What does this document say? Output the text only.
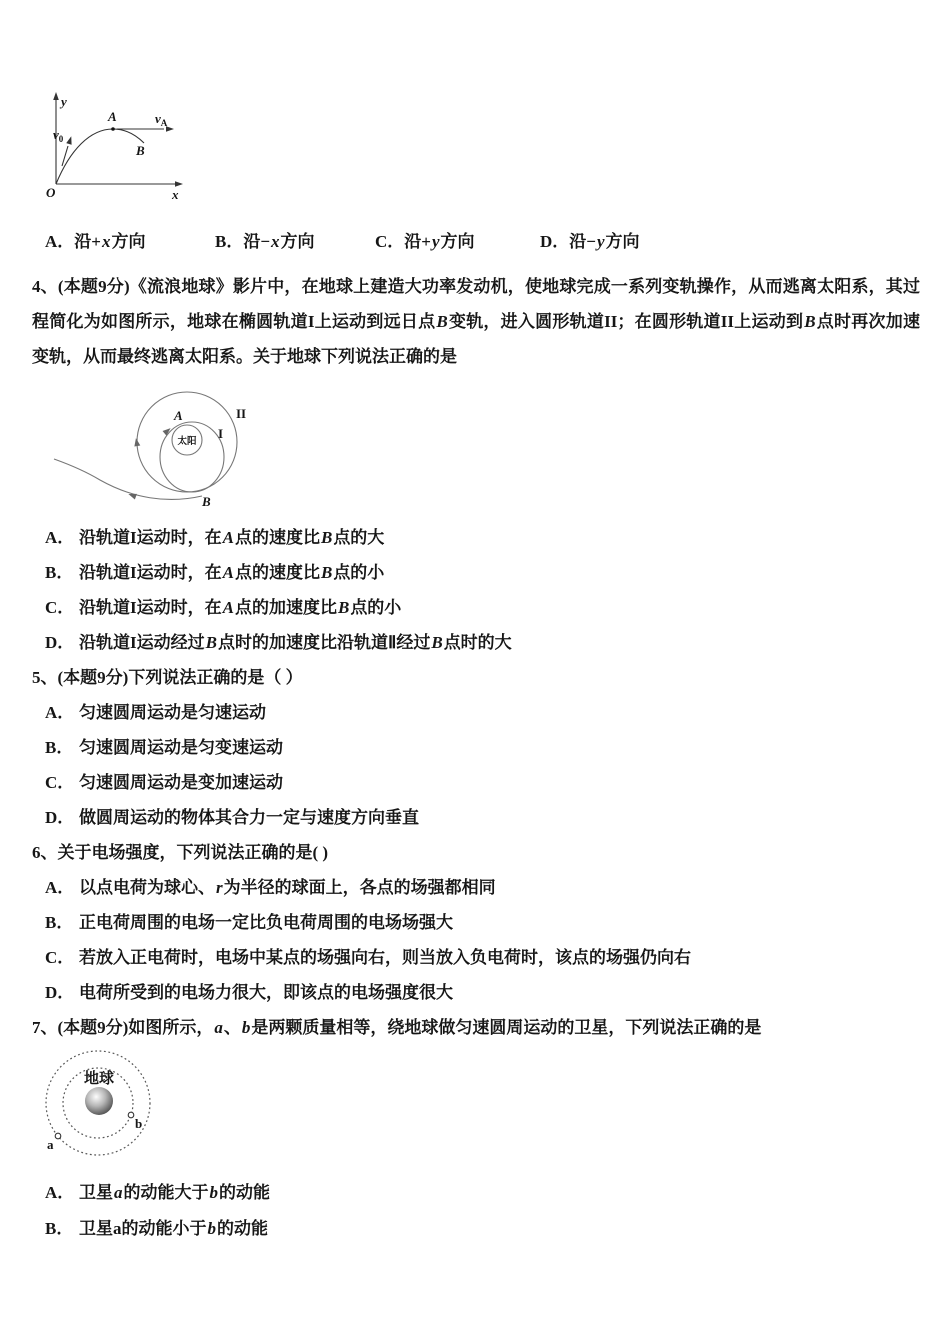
y
x
O
A
B
v0
vA
A．沿+x方向	B．沿−x方向	C．沿+y方向	D．沿−y方向

4、(本题9分)《流浪地球》影片中，在地球上建造大功率发动机，使地球完成一系列变轨操作，从而逃离太阳系，其过程简化为如图所示，地球在椭圆轨道I上运动到远日点B变轨，进入圆形轨道II；在圆形轨道II上运动到B点时再次加速变轨，从而最终逃离太阳系。关于地球下列说法正确的是

太阳
A	II
I
B
A． 沿轨道I运动时，在A点的速度比B点的大
B． 沿轨道I运动时，在A点的速度比B点的小
C． 沿轨道I运动时，在A点的加速度比B点的小
D． 沿轨道I运动经过B点时的加速度比沿轨道Ⅱ经过B点时的大

5、(本题9分)下列说法正确的是（ ）

A． 匀速圆周运动是匀速运动
B． 匀速圆周运动是匀变速运动
C． 匀速圆周运动是变加速运动
D． 做圆周运动的物体其合力一定与速度方向垂直

6、关于电场强度，下列说法正确的是( )

A． 以点电荷为球心、r为半径的球面上，各点的场强都相同
B． 正电荷周围的电场一定比负电荷周围的电场场强大
C． 若放入正电荷时，电场中某点的场强向右，则当放入负电荷时，该点的场强仍向右
D． 电荷所受到的电场力很大，即该点的电场强度很大

7、(本题9分)如图所示，a、b是两颗质量相等，绕地球做匀速圆周运动的卫星，下列说法正确的是

地球
b
a
A． 卫星a的动能大于b的动能
B． 卫星a的动能小于b的动能
